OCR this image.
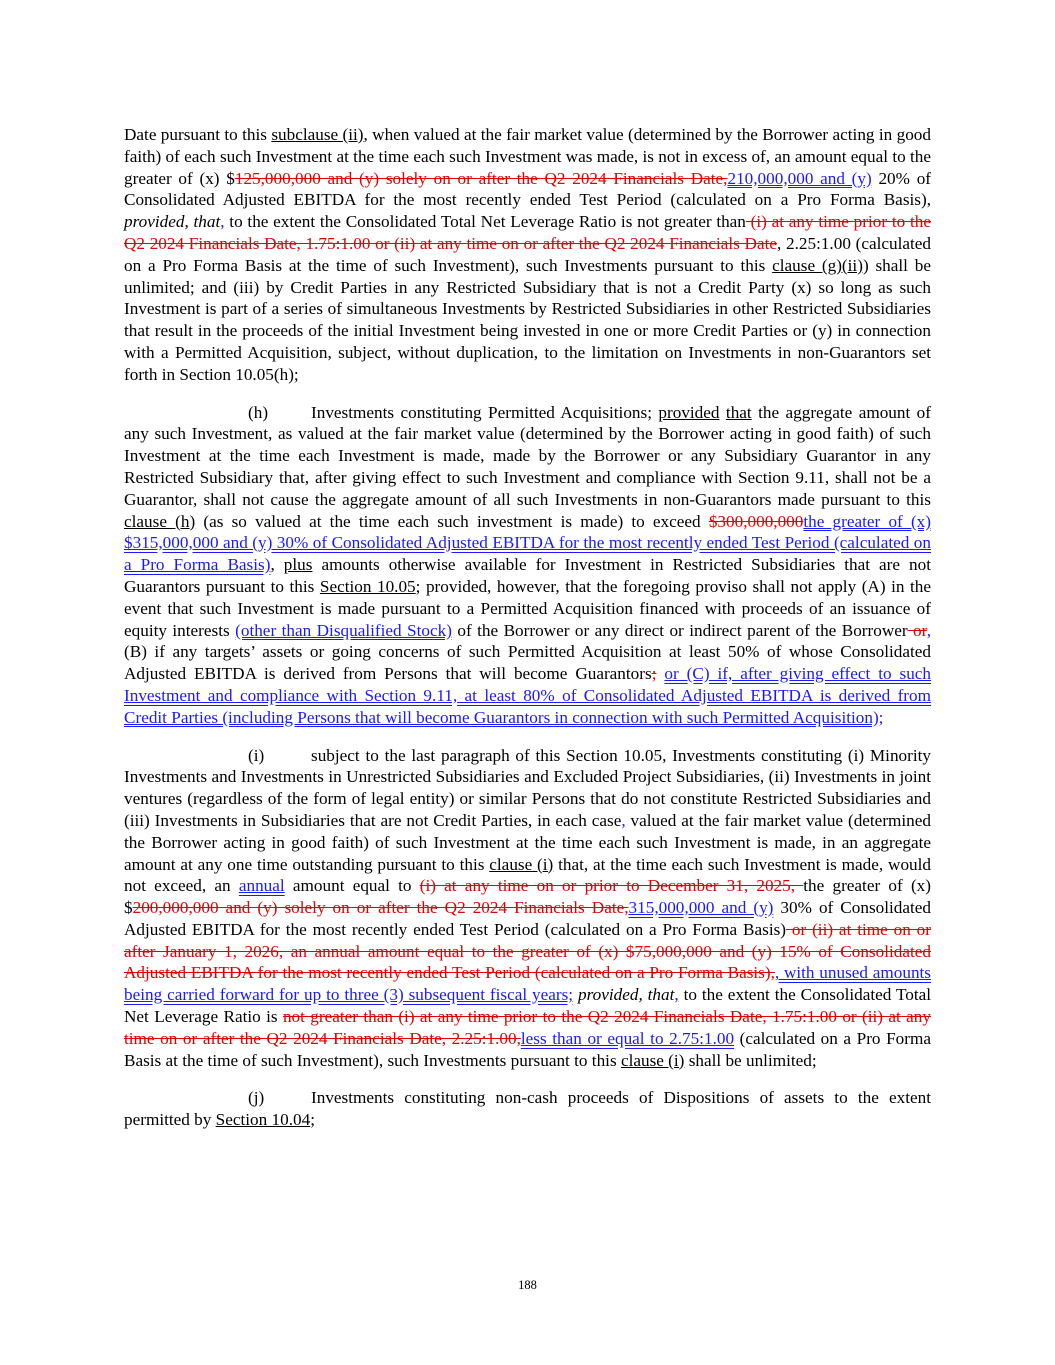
Date pursuant to this subclause (ii), when valued at the fair market value (determined by the Borrower acting in good faith) of each such Investment at the time each such Investment was made, is not in excess of, an amount equal to the greater of (x) $125,000,000 and (y) solely on or after the Q2 2024 Financials Date,210,000,000 and (y) 20% of Consolidated Adjusted EBITDA for the most recently ended Test Period (calculated on a Pro Forma Basis), provided, that, to the extent the Consolidated Total Net Leverage Ratio is not greater than (i) at any time prior to the Q2 2024 Financials Date, 1.75:1.00 or (ii) at any time on or after the Q2 2024 Financials Date, 2.25:1.00 (calculated on a Pro Forma Basis at the time of such Investment), such Investments pursuant to this clause (g)(ii)) shall be unlimited; and (iii) by Credit Parties in any Restricted Subsidiary that is not a Credit Party (x) so long as such Investment is part of a series of simultaneous Investments by Restricted Subsidiaries in other Restricted Subsidiaries that result in the proceeds of the initial Investment being invested in one or more Credit Parties or (y) in connection with a Permitted Acquisition, subject, without duplication, to the limitation on Investments in non-Guarantors set forth in Section 10.05(h);

(h) Investments constituting Permitted Acquisitions; provided that the aggregate amount of any such Investment, as valued at the fair market value (determined by the Borrower acting in good faith) of such Investment at the time each Investment is made, made by the Borrower or any Subsidiary Guarantor in any Restricted Subsidiary that, after giving effect to such Investment and compliance with Section 9.11, shall not be a Guarantor, shall not cause the aggregate amount of all such Investments in non-Guarantors made pursuant to this clause (h) (as so valued at the time each such investment is made) to exceed $300,000,000the greater of (x) $315,000,000 and (y) 30% of Consolidated Adjusted EBITDA for the most recently ended Test Period (calculated on a Pro Forma Basis), plus amounts otherwise available for Investment in Restricted Subsidiaries that are not Guarantors pursuant to this Section 10.05; provided, however, that the foregoing proviso shall not apply (A) in the event that such Investment is made pursuant to a Permitted Acquisition financed with proceeds of an issuance of equity interests (other than Disqualified Stock) of the Borrower or any direct or indirect parent of the Borrower or, (B) if any targets’ assets or going concerns of such Permitted Acquisition at least 50% of whose Consolidated Adjusted EBITDA is derived from Persons that will become Guarantors; or (C) if, after giving effect to such Investment and compliance with Section 9.11, at least 80% of Consolidated Adjusted EBITDA is derived from Credit Parties (including Persons that will become Guarantors in connection with such Permitted Acquisition);

(i)	subject to the last paragraph of this Section 10.05, Investments constituting (i) Minority Investments and Investments in Unrestricted Subsidiaries and Excluded Project Subsidiaries, (ii) Investments in joint ventures (regardless of the form of legal entity) or similar Persons that do not constitute Restricted Subsidiaries and (iii) Investments in Subsidiaries that are not Credit Parties, in each case, valued at the fair market value (determined the Borrower acting in good faith) of such Investment at the time each such Investment is made, in an aggregate amount at any one time outstanding pursuant to this clause (i) that, at the time each such Investment is made, would not exceed, an annual amount equal to (i) at any time on or prior to December 31, 2025, the greater of (x) $200,000,000 and (y) solely on or after the Q2 2024 Financials Date,315,000,000 and (y) 30% of Consolidated Adjusted EBITDA for the most recently ended Test Period (calculated on a Pro Forma Basis) or (ii) at time on or after January 1, 2026, an annual amount equal to the greater of (x) $75,000,000 and (y) 15% of Consolidated Adjusted EBITDA for the most recently ended Test Period (calculated on a Pro Forma Basis),, with unused amounts being carried forward for up to three (3) subsequent fiscal years; provided, that, to the extent the Consolidated Total Net Leverage Ratio is not greater than (i) at any time prior to the Q2 2024 Financials Date, 1.75:1.00 or (ii) at any time on or after the Q2 2024 Financials Date, 2.25:1.00,less than or equal to 2.75:1.00 (calculated on a Pro Forma Basis at the time of such Investment), such Investments pursuant to this clause (i) shall be unlimited;

(j)	Investments constituting non-cash proceeds of Dispositions of assets to the extent permitted by Section 10.04;

188
